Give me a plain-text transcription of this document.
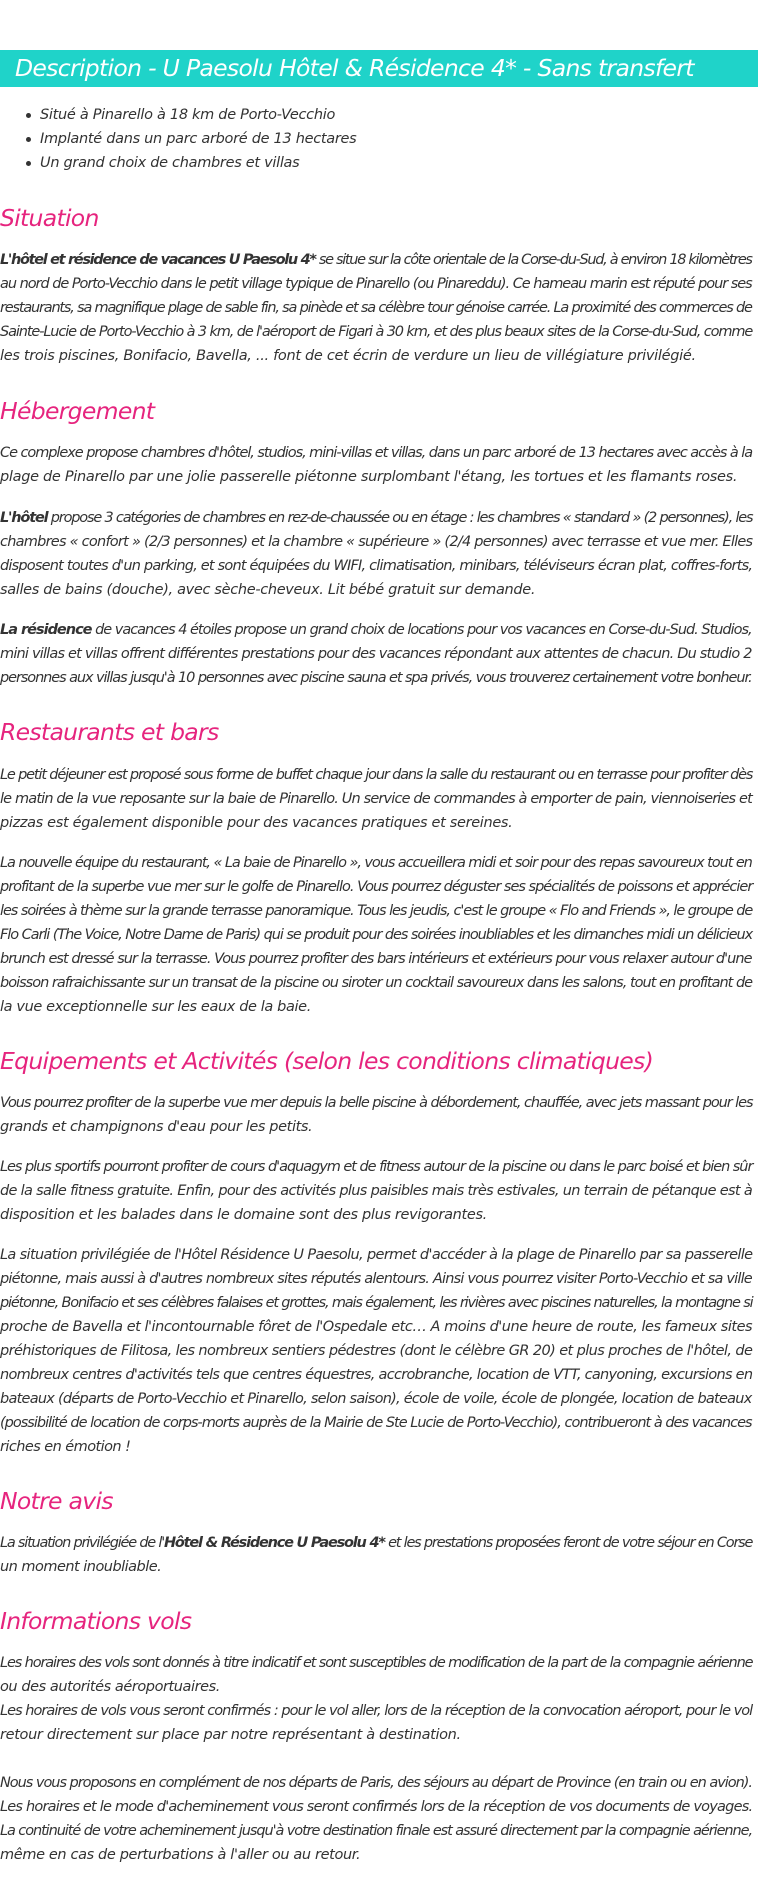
Description - U Paesolu Hôtel & Résidence 4* - Sans transfert
Situé à Pinarello à 18 km de Porto-Vecchio
Implanté dans un parc arboré de 13 hectares
Un grand choix de chambres et villas
Situation
L'hôtel et résidence de vacances U Paesolu 4* se situe sur la côte orientale de la Corse-du-Sud, à environ 18 kilomètres
au nord de Porto-Vecchio dans le petit village typique de Pinarello (ou Pinareddu). Ce hameau marin est réputé pour ses
restaurants, sa magnifique plage de sable fin, sa pinède et sa célèbre tour génoise carrée. La proximité des commerces de
Sainte-Lucie de Porto-Vecchio à 3 km, de l'aéroport de Figari à 30 km, et des plus beaux sites de la Corse-du-Sud, comme
les trois piscines, Bonifacio, Bavella, ... font de cet écrin de verdure un lieu de villégiature privilégié.
Hébergement
Ce complexe propose chambres d'hôtel, studios, mini-villas et villas, dans un parc arboré de 13 hectares avec accès à la
plage de Pinarello par une jolie passerelle piétonne surplombant l'étang, les tortues et les flamants roses.
L'hôtel propose 3 catégories de chambres en rez-de-chaussée ou en étage : les chambres « standard » (2 personnes), les
chambres « confort » (2/3 personnes) et la chambre « supérieure » (2/4 personnes) avec terrasse et vue mer. Elles
disposent toutes d'un parking, et sont équipées du WIFI, climatisation, minibars, téléviseurs écran plat, coffres-forts,
salles de bains (douche), avec sèche-cheveux. Lit bébé gratuit sur demande.
La résidence de vacances 4 étoiles propose un grand choix de locations pour vos vacances en Corse-du-Sud. Studios,
mini villas et villas offrent différentes prestations pour des vacances répondant aux attentes de chacun. Du studio 2
personnes aux villas jusqu'à 10 personnes avec piscine sauna et spa privés, vous trouverez certainement votre bonheur.
Restaurants et bars
Le petit déjeuner est proposé sous forme de buffet chaque jour dans la salle du restaurant ou en terrasse pour profiter dès
le matin de la vue reposante sur la baie de Pinarello. Un service de commandes à emporter de pain, viennoiseries et
pizzas est également disponible pour des vacances pratiques et sereines.
La nouvelle équipe du restaurant, « La baie de Pinarello », vous accueillera midi et soir pour des repas savoureux tout en
profitant de la superbe vue mer sur le golfe de Pinarello. Vous pourrez déguster ses spécialités de poissons et apprécier
les soirées à thème sur la grande terrasse panoramique. Tous les jeudis, c'est le groupe « Flo and Friends », le groupe de
Flo Carli (The Voice, Notre Dame de Paris) qui se produit pour des soirées inoubliables et les dimanches midi un délicieux
brunch est dressé sur la terrasse. Vous pourrez profiter des bars intérieurs et extérieurs pour vous relaxer autour d'une
boisson rafraichissante sur un transat de la piscine ou siroter un cocktail savoureux dans les salons, tout en profitant de
la vue exceptionnelle sur les eaux de la baie.
Equipements et Activités (selon les conditions climatiques)
Vous pourrez profiter de la superbe vue mer depuis la belle piscine à débordement, chauffée, avec jets massant pour les
grands et champignons d'eau pour les petits.
Les plus sportifs pourront profiter de cours d'aquagym et de fitness autour de la piscine ou dans le parc boisé et bien sûr
de la salle fitness gratuite. Enfin, pour des activités plus paisibles mais très estivales, un terrain de pétanque est à
disposition et les balades dans le domaine sont des plus revigorantes.
La situation privilégiée de l'Hôtel Résidence U Paesolu, permet d'accéder à la plage de Pinarello par sa passerelle
piétonne, mais aussi à d'autres nombreux sites réputés alentours. Ainsi vous pourrez visiter Porto-Vecchio et sa ville
piétonne, Bonifacio et ses célèbres falaises et grottes, mais également, les rivières avec piscines naturelles, la montagne si
proche de Bavella et l'incontournable fôret de l'Ospedale etc… A moins d'une heure de route, les fameux sites
préhistoriques de Filitosa, les nombreux sentiers pédestres (dont le célèbre GR 20) et plus proches de l'hôtel, de
nombreux centres d'activités tels que centres équestres, accrobranche, location de VTT, canyoning, excursions en
bateaux (départs de Porto-Vecchio et Pinarello, selon saison), école de voile, école de plongée, location de bateaux
(possibilité de location de corps-morts auprès de la Mairie de Ste Lucie de Porto-Vecchio), contribueront à des vacances
riches en émotion !
Notre avis
La situation privilégiée de l'Hôtel & Résidence U Paesolu 4* et les prestations proposées feront de votre séjour en Corse
un moment inoubliable.
Informations vols
Les horaires des vols sont donnés à titre indicatif et sont susceptibles de modification de la part de la compagnie aérienne
ou des autorités aéroportuaires.
Les horaires de vols vous seront confirmés : pour le vol aller, lors de la réception de la convocation aéroport, pour le vol
retour directement sur place par notre représentant à destination.
Nous vous proposons en complément de nos départs de Paris, des séjours au départ de Province (en train ou en avion).
Les horaires et le mode d'acheminement vous seront confirmés lors de la réception de vos documents de voyages.
La continuité de votre acheminement jusqu'à votre destination finale est assuré directement par la compagnie aérienne,
même en cas de perturbations à l'aller ou au retour.
